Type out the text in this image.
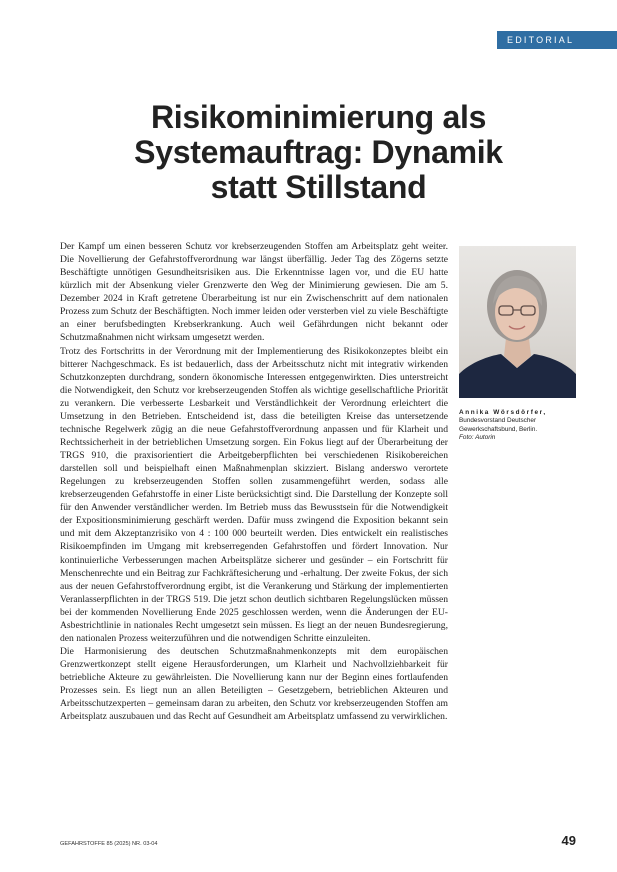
EDITORIAL
Risikominimierung als
Systemauftrag: Dynamik
statt Stillstand

Der Kampf um einen besseren Schutz vor krebserzeugenden Stoffen am Arbeitsplatz geht weiter. Die Novellierung der Gefahrstoffverordnung war längst überfällig. Jeder Tag des Zögerns setzte Beschäftigte unnötigen Gesundheitsrisiken aus. Die Erkenntnisse lagen vor, und die EU hatte kürzlich mit der Absenkung vieler Grenzwerte den Weg der Minimierung gewiesen. Die am 5. Dezember 2024 in Kraft getretene Überarbeitung ist nur ein Zwischenschritt auf dem nationalen Prozess zum Schutz der Beschäftigten. Noch immer leiden oder versterben viel zu viele Beschäftigte an einer berufsbedingten Krebserkrankung. Auch weil Gefährdungen nicht bekannt oder Schutzmaßnahmen nicht wirksam umgesetzt werden.

Trotz des Fortschritts in der Verordnung mit der Implementierung des Risikokonzeptes bleibt ein bitterer Nachgeschmack. Es ist bedauerlich, dass der Arbeitsschutz nicht mit integrativ wirkenden Schutzkonzepten durchdrang, sondern ökonomische Interessen entgegenwirkten. Dies unterstreicht die Notwendigkeit, den Schutz vor krebserzeugenden Stoffen als wichtige gesellschaftliche Priorität zu verankern. Die verbesserte Lesbarkeit und Verständlichkeit der Verordnung erleichtert die Umsetzung in den Betrieben. Entscheidend ist, dass die beteiligten Kreise das untersetzende technische Regelwerk zügig an die neue Gefahrstoffverordnung anpassen und für Klarheit und Rechtssicherheit in der betrieblichen Umsetzung sorgen. Ein Fokus liegt auf der Überarbeitung der TRGS 910, die praxisorientiert die Arbeitgeberpflichten bei verschiedenen Risikobereichen darstellen soll und beispielhaft einen Maßnahmenplan skizziert. Bislang anderswo verortete Regelungen zu krebserzeugenden Stoffen sollen zusammengeführt werden, sodass alle krebserzeugenden Gefahrstoffe in einer Liste berücksichtigt sind. Die Darstellung der Konzepte soll für den Anwender verständlicher werden. Im Betrieb muss das Bewusstsein für die Notwendigkeit der Expositionsminimierung geschärft werden. Dafür muss zwingend die Exposition bekannt sein und mit dem Akzeptanzrisiko von 4 : 100 000 beurteilt werden. Dies entwickelt ein realistisches Risikoempfinden im Umgang mit krebserregenden Gefahrstoffen und fördert Innovation. Nur kontinuierliche Verbesserungen machen Arbeitsplätze sicherer und gesünder – ein Fortschritt für Menschenrechte und ein Beitrag zur Fachkräftesicherung und -erhaltung. Der zweite Fokus, der sich aus der neuen Gefahrstoffverordnung ergibt, ist die Verankerung und Stärkung der implementierten Veranlasserpflichten in der TRGS 519. Die jetzt schon deutlich sichtbaren Regelungslücken müssen bei der kommenden Novellierung Ende 2025 geschlossen werden, wenn die Änderungen der EU-Asbestrichtlinie in nationales Recht umgesetzt sein müssen. Es liegt an der neuen Bundesregierung, den nationalen Prozess weiterzuführen und die notwendigen Schritte einzuleiten.

Die Harmonisierung des deutschen Schutzmaßnahmenkonzepts mit dem europäischen Grenzwertkonzept stellt eigene Herausforderungen, um Klarheit und Nachvollziehbarkeit für betriebliche Akteure zu gewährleisten. Die Novellierung kann nur der Beginn eines fortlaufenden Prozesses sein. Es liegt nun an allen Beteiligten – Gesetzgebern, betrieblichen Akteuren und Arbeitsschutzexperten – gemeinsam daran zu arbeiten, den Schutz vor krebserzeugenden Stoffen am Arbeitsplatz auszubauen und das Recht auf Gesundheit am Arbeitsplatz umfassend zu verwirklichen.

Annika Wörsdörfer,
Bundesvorstand Deutscher Gewerkschaftsbund, Berlin.
Foto: Autorin
GEFAHRSTOFFE 85 (2025) NR. 03-04	49
